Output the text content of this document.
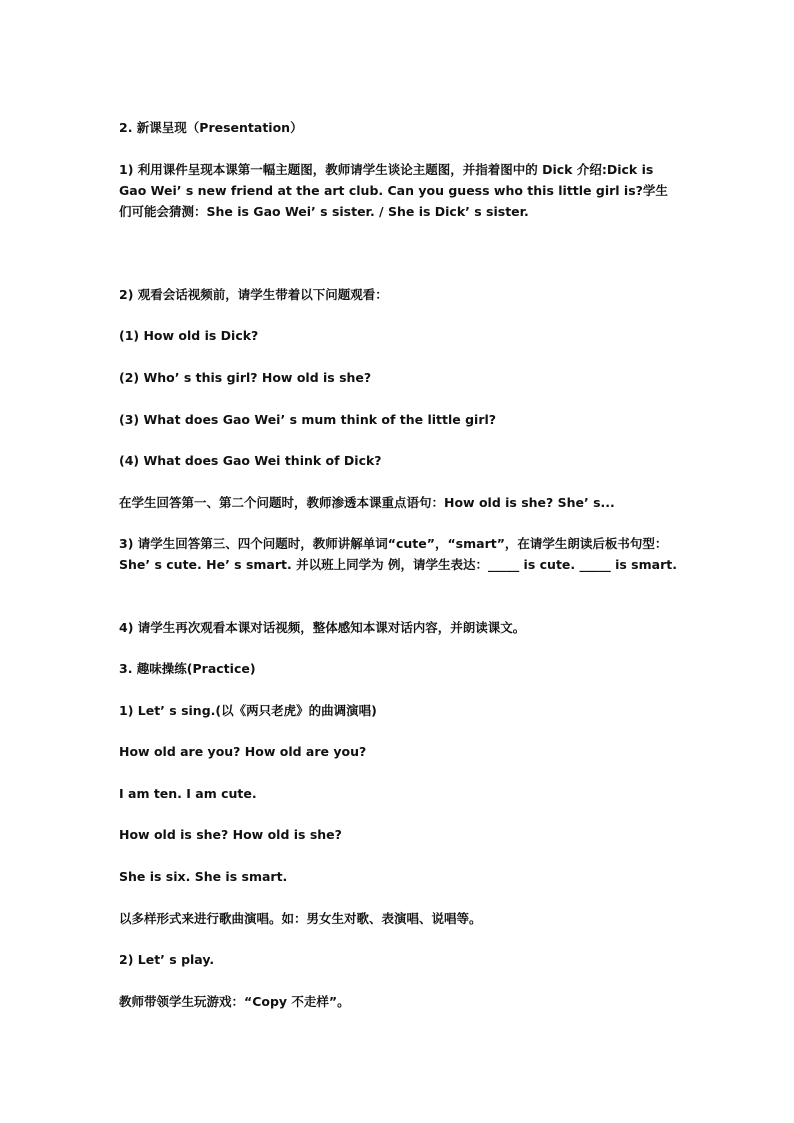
2. 新课呈现（Presentation）
1) 利用课件呈现本课第一幅主题图，教师请学生谈论主题图，并指着图中的 Dick 介绍:Dick is Gao Wei’ s new friend at the art club. Can you guess who this little girl is?学生们可能会猜测：She is Gao Wei’ s sister. / She is Dick’ s sister.
2) 观看会话视频前，请学生带着以下问题观看：
(1) How old is Dick?
(2) Who’ s this girl? How old is she?
(3) What does Gao Wei’ s mum think of the little girl?
(4) What does Gao Wei think of Dick?
在学生回答第一、第二个问题时，教师渗透本课重点语句：How old is she? She’ s...
3) 请学生回答第三、四个问题时，教师讲解单词“cute”，“smart”，在请学生朗读后板书句型：She’ s cute. He’ s smart. 并以班上同学为 例，请学生表达：_____ is cute. _____ is smart.
4) 请学生再次观看本课对话视频，整体感知本课对话内容，并朗读课文。
3. 趣味操练(Practice)
1) Let’ s sing.(以《两只老虎》的曲调演唱)
How old are you? How old are you?
I am ten. I am cute.
How old is she? How old is she?
She is six. She is smart.
以多样形式来进行歌曲演唱。如：男女生对歌、表演唱、说唱等。
2) Let’ s play.
教师带领学生玩游戏：“Copy 不走样”。
